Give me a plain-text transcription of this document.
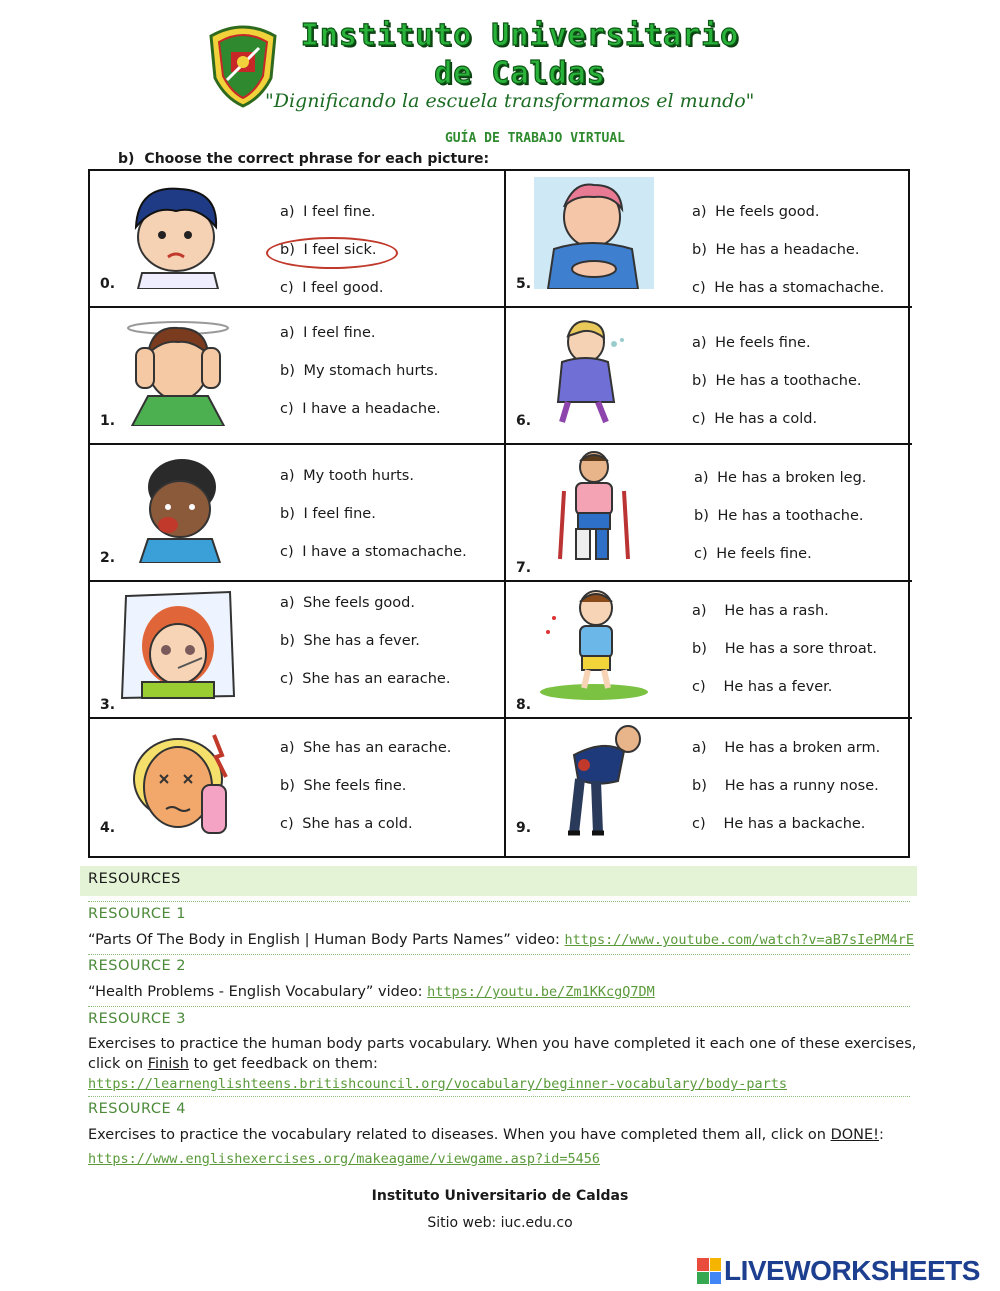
Instituto Universitario
de Caldas
"Dignificando la escuela transformamos el mundo"
GUÍA DE TRABAJO VIRTUAL
b) Choose the correct phrase for each picture:
a) I feel fine.
b) I feel sick.
c) I feel good.
0.
a) He feels good.
b) He has a headache.
c) He has a stomachache.
5.
a) I feel fine.
b) My stomach hurts.
c) I have a headache.
1.
a) He feels fine.
b) He has a toothache.
c) He has a cold.
6.
a) My tooth hurts.
b) I feel fine.
c) I have a stomachache.
2.
a) He has a broken leg.
b) He has a toothache.
c) He feels fine.
7.
a) She feels good.
b) She has a fever.
c) She has an earache.
3.
a) He has a rash.
b) He has a sore throat.
c) He has a fever.
8.
a) She has an earache.
b) She feels fine.
c) She has a cold.
4.
a) He has a broken arm.
b) He has a runny nose.
c) He has a backache.
9.
RESOURCES
RESOURCE 1
“Parts Of The Body in English | Human Body Parts Names” video: https://www.youtube.com/watch?v=aB7sIePM4rE
RESOURCE 2
“Health Problems - English Vocabulary” video: https://youtu.be/Zm1KKcgQ7DM
RESOURCE 3
Exercises to practice the human body parts vocabulary. When you have completed it each one of these exercises, click on Finish to get feedback on them:
https://learnenglishteens.britishcouncil.org/vocabulary/beginner-vocabulary/body-parts
RESOURCE 4
Exercises to practice the vocabulary related to diseases. When you have completed them all, click on DONE!:
https://www.englishexercises.org/makeagame/viewgame.asp?id=5456
Instituto Universitario de Caldas
Sitio web: iuc.edu.co
LIVEWORKSHEETS
